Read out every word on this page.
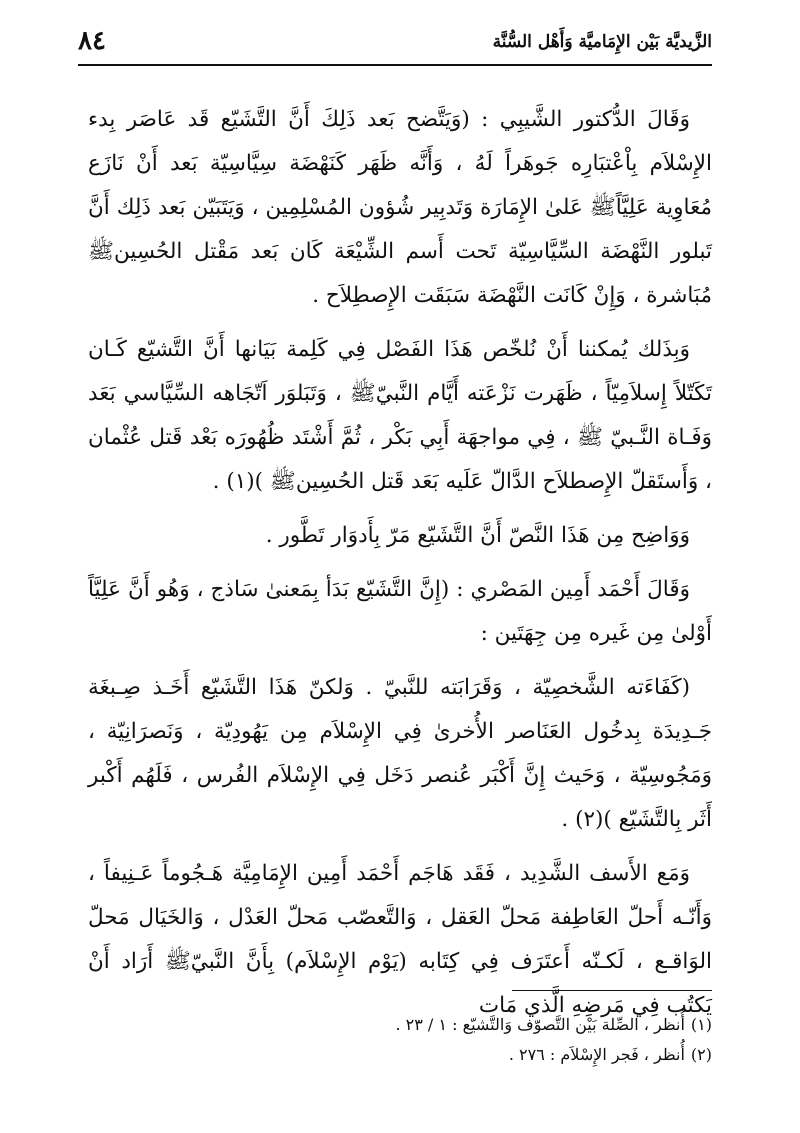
الزَّيديَّة بَيْن الإِمَاميَّة وَأَهْل السُّنَّة
٨٤

وَقَالَ الدُّكتور الشَّيبِي : (وَيَتَّضح بَعد ذَلِكَ أَنَّ التَّشَيّع قَد عَاصَر بِدء الإِسْلاَم بِاْعْتبَارِه جَوهَراً لَهُ ، وَأَنَّه ظَهَر كَنَهْضَة سِيَّاسِيّة بَعد أَنْ نَازَع مُعَاوِية عَلِيَّاًﷺ عَلىٰ الإِمَارَة وَتَدبِير شُؤون المُسْلِمِين ، وَيَتَبَيّن بَعد ذَلِك أَنَّ تَبلور النَّهْضَة السِّيَّاسِيّة تَحت أَسم الشِّيْعَة كَان بَعد مَقْتل الحُسِينﷺ مُبَاشرة ، وَإِنْ كَانَت النَّهْضَة سَبَقَت الإِصطِلاَح .

وَبِذَلك يُمكننا أَنْ نُلخّص هَذَا الفَصْل فِي كَلِمة بَيَانها أَنَّ التَّشيّع كَـان تَكَتّلاً إِسلاَمِيّاً ، ظَهَرت نَزْعَته أَيَّام النَّبيّﷺ ، وَتَبَلوَر اَتّجَاهه السِّيَّاسي بَعَد وَفَـاة النَّـبيّ ﷺ ، فِي مواجهَة أَبِي بَكْر ، ثُمَّ أَشْتَد ظُهُورَه بَعْد قَتل عُثْمان ، وَأَستَقلّ الإِصطلاَح الدَّالّ عَلَيه بَعَد قَتل الحُسِينﷺ )(١) .

وَوَاضِح مِن هَذَا النَّصّ أَنَّ التَّشَيّع مَرّ بِأَدوَار تَطَّور .

وَقَالَ أَحْمَد أَمِين المَصْري : (إِنَّ التَّشَيّع بَدَأ بِمَعنىٰ سَاذج ، وَهُو أَنَّ عَلِيَّاً أَوْلىٰ مِن غَيره مِن جِهَتَين :

(كَفَاءَته الشَّخصِيّة ، وَقَرَابَته للنَّبيّ . وَلكنّ هَذَا التَّشَيّع أَخَـذ صِـبغَة جَـدِيدَة بِدخُول العَنَاصر الأُخرىٰ فِي الإِسْلاَم مِن يَهُودِيّة ، وَنَصرَانِيّة ، وَمَجُوسِيّة ، وَحَيث إِنَّ أَكْبَر عُنصر دَخَل فِي الإِسْلاَم الفُرس ، فَلَهُم أَكْبر أَثَر بِالتَّشَيّع )(٢) .

وَمَع الأَسف الشَّدِيد ، فَقَد هَاجَم أَحْمَد أَمِين الإِمَامِيَّة هَـجُوماً عَـنِيفاً ، وَأَنّـه أَحلّ العَاطِفة مَحلّ العَقل ، وَالتَّعصّب مَحلّ العَدْل ، وَالخَيَال مَحلّ الوَاقـع ، لَكـنّه أَعتَرَف فِي كِتَابه (يَوْم الإِسْلاَم) بِأَنَّ النَّبيّﷺ أَرَاد أَنْ يَكتُب فِي مَرضِهِ الَّذي مَات

(١)أُنظر ، الصِّلة بَيْن التَّصوّف وَالتَّشيّع : ١ / ٢٣ .

(٢)أُنظر ، فَجر الإِسْلاَم : ٢٧٦ .
